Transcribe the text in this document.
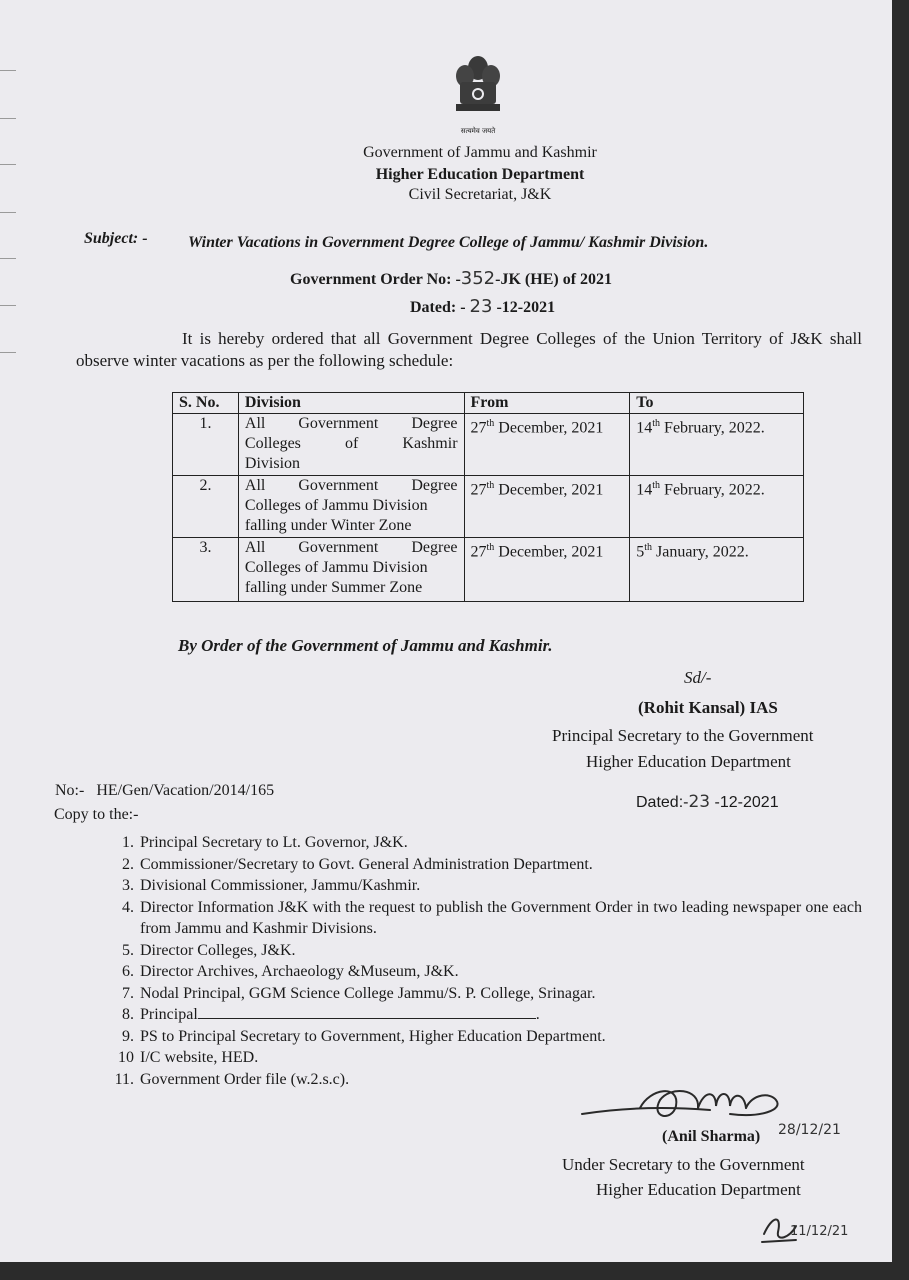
सत्यमेव जयते
Government of Jammu and Kashmir
Higher Education Department
Civil Secretariat, J&K
Subject: -	Winter Vacations in Government Degree College of Jammu/ Kashmir Division.
Government Order No: -352-JK (HE) of 2021
Dated: - 23 -12-2021
It is hereby ordered that all Government Degree Colleges of the Union Territory of J&K shall observe winter vacations as per the following schedule:
S. No.	Division	From	To
1.	All Government Degree
Colleges of Kashmir
Division	27th December, 2021	14th February, 2022.
2.	All Government Degree
Colleges of Jammu Division
falling under Winter Zone	27th December, 2021	14th February, 2022.
3.	All Government Degree
Colleges of Jammu Division
falling under Summer Zone	27th December, 2021	5th January, 2022.
By Order of the Government of Jammu and Kashmir.
Sd/-
(Rohit Kansal) IAS
Principal Secretary to the Government
Higher Education Department
No:- HE/Gen/Vacation/2014/165
Dated:-23 -12-2021
Copy to the:-
1. Principal Secretary to Lt. Governor, J&K.
2. Commissioner/Secretary to Govt. General Administration Department.
3. Divisional Commissioner, Jammu/Kashmir.
4. Director Information J&K with the request to publish the Government Order in two leading newspaper one each from Jammu and Kashmir Divisions.
5. Director Colleges, J&K.
6. Director Archives, Archaeology &Museum, J&K.
7. Nodal Principal, GGM Science College Jammu/S. P. College, Srinagar.
8. Principal	.
9. PS to Principal Secretary to Government, Higher Education Department.
10 I/C website, HED.
11. Government Order file (w.2.s.c).
(Anil Sharma) 28/12/21
Under Secretary to the Government
Higher Education Department
11/12/21
